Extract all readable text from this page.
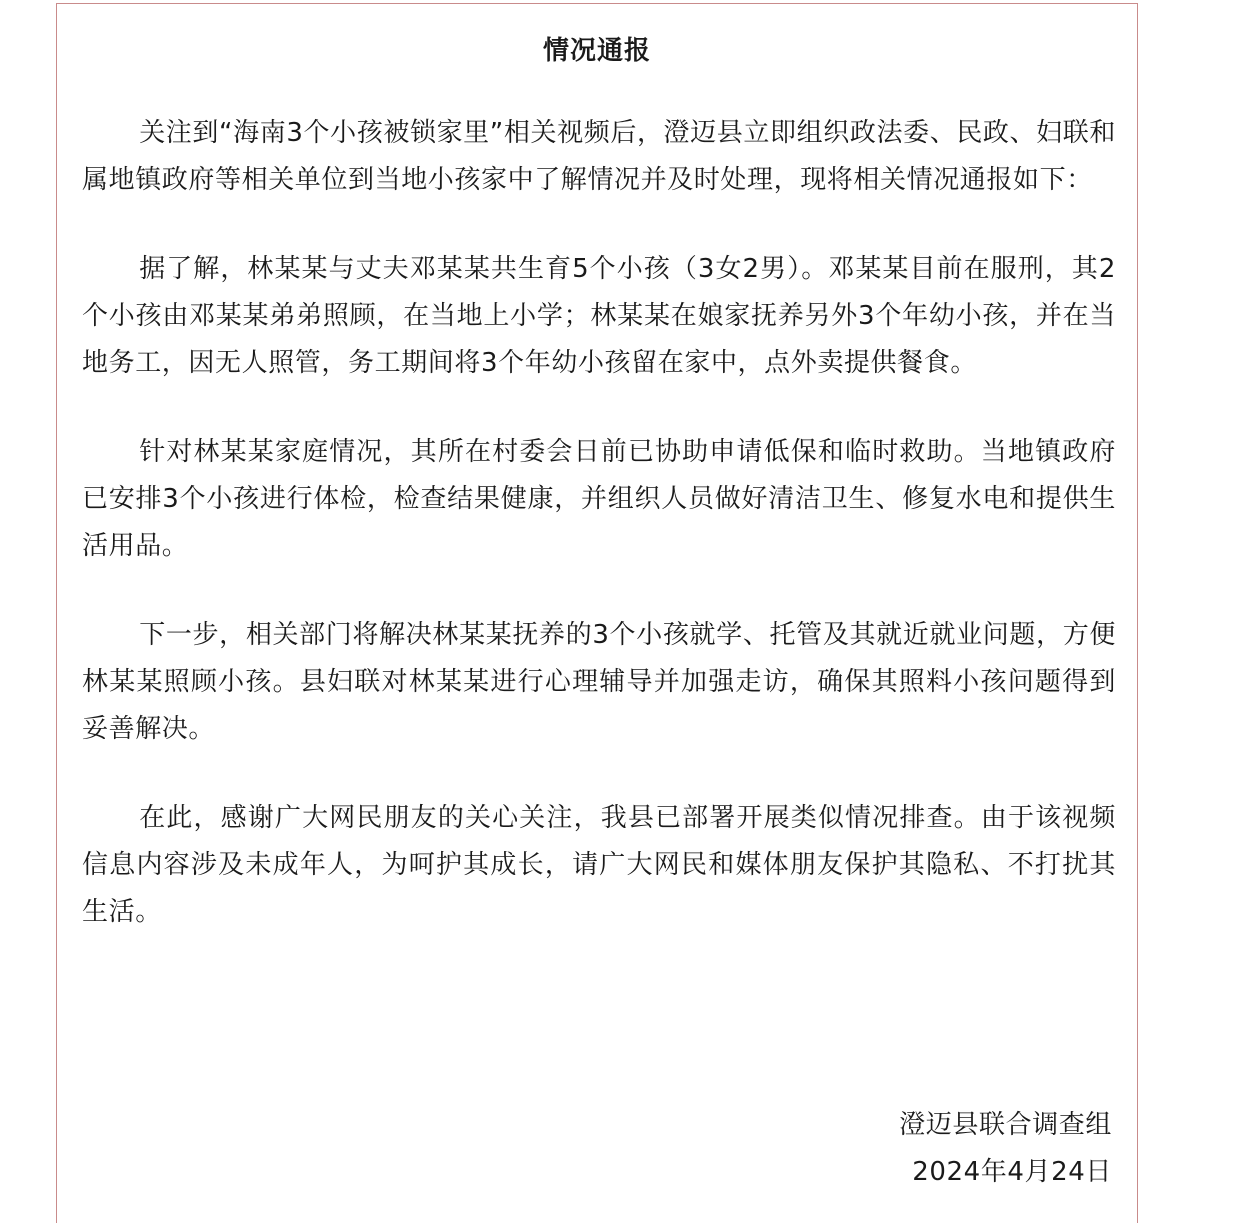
情况通报

关注到“海南3个小孩被锁家里”相关视频后，澄迈县立即组织政法委、民政、妇联和属地镇政府等相关单位到当地小孩家中了解情况并及时处理，现将相关情况通报如下：

据了解，林某某与丈夫邓某某共生育5个小孩（3女2男）。邓某某目前在服刑，其2个小孩由邓某某弟弟照顾，在当地上小学；林某某在娘家抚养另外3个年幼小孩，并在当地务工，因无人照管，务工期间将3个年幼小孩留在家中，点外卖提供餐食。

针对林某某家庭情况，其所在村委会日前已协助申请低保和临时救助。当地镇政府已安排3个小孩进行体检，检查结果健康，并组织人员做好清洁卫生、修复水电和提供生活用品。

下一步，相关部门将解决林某某抚养的3个小孩就学、托管及其就近就业问题，方便林某某照顾小孩。县妇联对林某某进行心理辅导并加强走访，确保其照料小孩问题得到妥善解决。

在此，感谢广大网民朋友的关心关注，我县已部署开展类似情况排查。由于该视频信息内容涉及未成年人，为呵护其成长，请广大网民和媒体朋友保护其隐私、不打扰其生活。

澄迈县联合调查组
2024年4月24日
